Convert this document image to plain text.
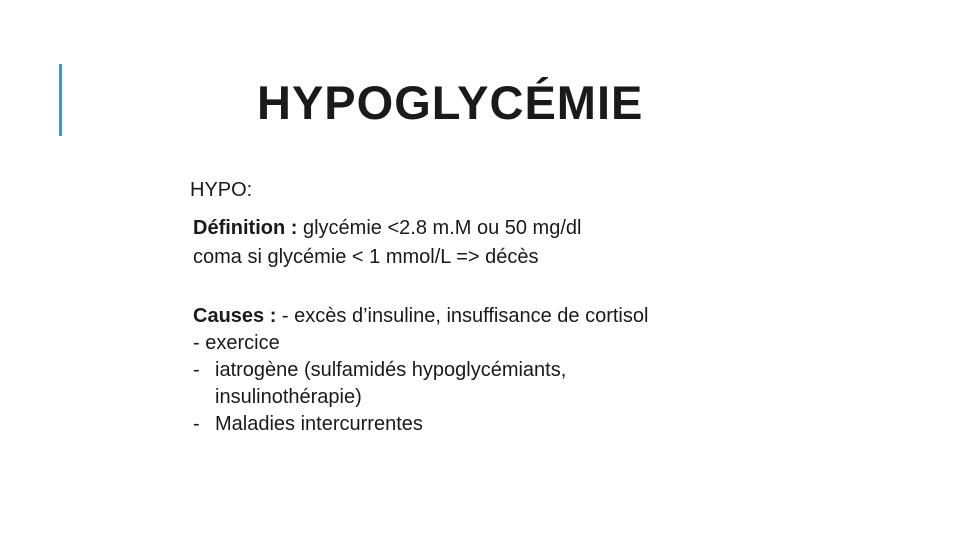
HYPOGLYCÉMIE
HYPO:
Définition : glycémie <2.8 m.M ou 50 mg/dl
coma si glycémie < 1 mmol/L => décès
Causes : - excès d’insuline, insuffisance de cortisol
- exercice
- iatrogène (sulfamidés hypoglycémiants,
insulinothérapie)
- Maladies intercurrentes
